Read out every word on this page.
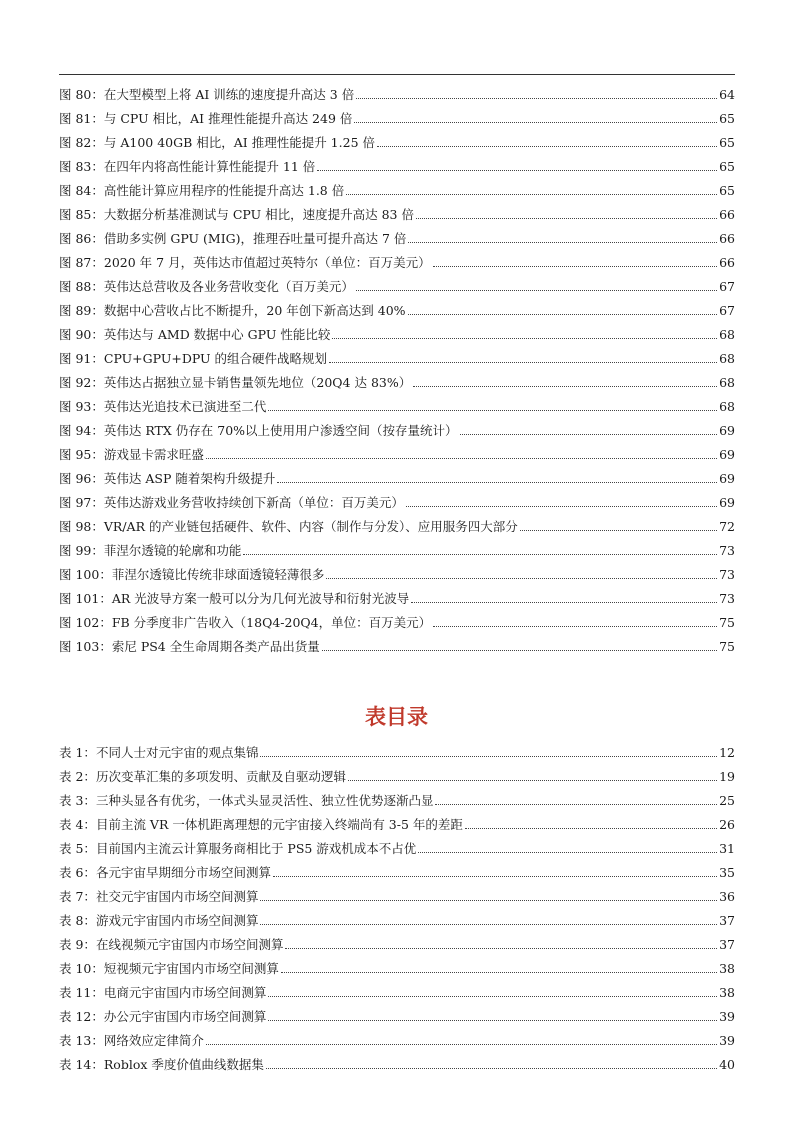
图 80： 在大型模型上将 AI 训练的速度提升高达 3 倍	64
图 81： 与 CPU 相比，AI 推理性能提升高达 249 倍	65
图 82： 与 A100 40GB 相比，AI 推理性能提升 1.25 倍	65
图 83： 在四年内将高性能计算性能提升 11 倍	65
图 84： 高性能计算应用程序的性能提升高达 1.8 倍	65
图 85： 大数据分析基准测试与 CPU 相比，速度提升高达 83 倍	66
图 86： 借助多实例 GPU (MIG)，推理吞吐量可提升高达 7 倍	66
图 87： 2020 年 7 月，英伟达市值超过英特尔（单位：百万美元）	66
图 88： 英伟达总营收及各业务营收变化（百万美元）	67
图 89： 数据中心营收占比不断提升，20 年创下新高达到 40%	67
图 90： 英伟达与 AMD 数据中心 GPU 性能比较	68
图 91： CPU+GPU+DPU 的组合硬件战略规划	68
图 92： 英伟达占据独立显卡销售量领先地位（20Q4 达 83%）	68
图 93： 英伟达光追技术已演进至二代	68
图 94： 英伟达 RTX 仍存在 70%以上使用用户渗透空间（按存量统计）	69
图 95： 游戏显卡需求旺盛	69
图 96： 英伟达 ASP 随着架构升级提升	69
图 97： 英伟达游戏业务营收持续创下新高（单位：百万美元）	69
图 98： VR/AR 的产业链包括硬件、软件、内容（制作与分发）、应用服务四大部分	72
图 99： 菲涅尔透镜的轮廓和功能	73
图 100： 菲涅尔透镜比传统非球面透镜轻薄很多	73
图 101： AR 光波导方案一般可以分为几何光波导和衍射光波导	73
图 102： FB 分季度非广告收入（18Q4-20Q4，单位：百万美元）	75
图 103： 索尼 PS4 全生命周期各类产品出货量	75
表目录
表 1： 不同人士对元宇宙的观点集锦	12
表 2： 历次变革汇集的多项发明、贡献及自驱动逻辑	19
表 3： 三种头显各有优劣，一体式头显灵活性、独立性优势逐渐凸显	25
表 4： 目前主流 VR 一体机距离理想的元宇宙接入终端尚有 3-5 年的差距	26
表 5： 目前国内主流云计算服务商相比于 PS5 游戏机成本不占优	31
表 6： 各元宇宙早期细分市场空间测算	35
表 7： 社交元宇宙国内市场空间测算	36
表 8： 游戏元宇宙国内市场空间测算	37
表 9： 在线视频元宇宙国内市场空间测算	37
表 10： 短视频元宇宙国内市场空间测算	38
表 11： 电商元宇宙国内市场空间测算	38
表 12： 办公元宇宙国内市场空间测算	39
表 13： 网络效应定律简介	39
表 14： Roblox 季度价值曲线数据集	40
